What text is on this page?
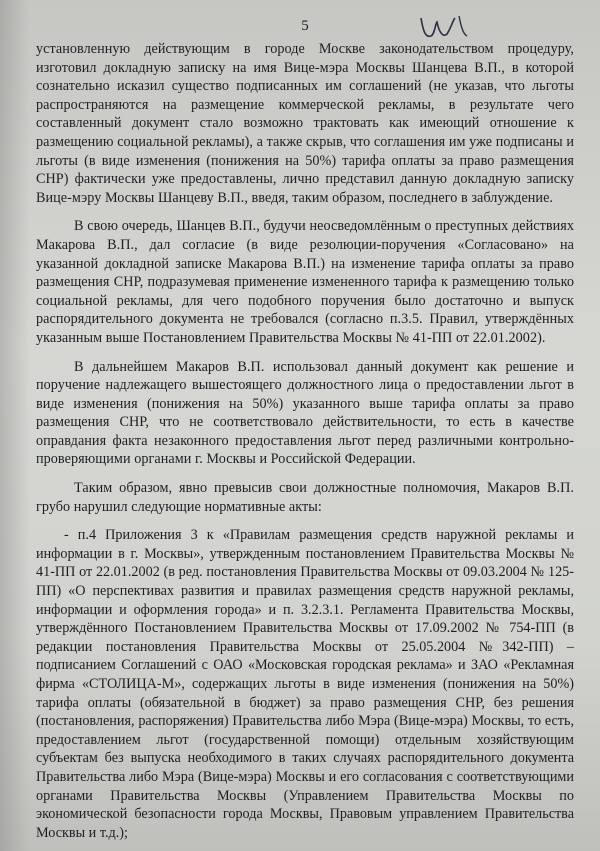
5

установленную действующим в городе Москве законодательством процедуру, изготовил докладную записку на имя Вице-мэра Москвы Шанцева В.П., в которой сознательно исказил существо подписанных им соглашений (не указав, что льготы распространяются на размещение коммерческой рекламы, в результате чего составленный документ стало возможно трактовать как имеющий отношение к размещению социальной рекламы), а также скрыв, что соглашения им уже подписаны и льготы (в виде изменения (понижения на 50%) тарифа оплаты за право размещения СНР) фактически уже предоставлены, лично представил данную докладную записку Вице-мэру Москвы Шанцеву В.П., введя, таким образом, последнего в заблуждение.

В свою очередь, Шанцев В.П., будучи неосведомлённым о преступных действиях Макарова В.П., дал согласие (в виде резолюции-поручения «Согласовано» на указанной докладной записке Макарова В.П.) на изменение тарифа оплаты за право размещения СНР, подразумевая применение измененного тарифа к размещению только социальной рекламы, для чего подобного поручения было достаточно и выпуск распорядительного документа не требовался (согласно п.3.5. Правил, утверждённых указанным выше Постановлением Правительства Москвы № 41-ПП от 22.01.2002).

В дальнейшем Макаров В.П. использовал данный документ как решение и поручение надлежащего вышестоящего должностного лица о предоставлении льгот в виде изменения (понижения на 50%) указанного выше тарифа оплаты за право размещения СНР, что не соответствовало действительности, то есть в качестве оправдания факта незаконного предоставления льгот перед различными контрольно-проверяющими органами г. Москвы и Российской Федерации.

Таким образом, явно превысив свои должностные полномочия, Макаров В.П. грубо нарушил следующие нормативные акты:

- п.4 Приложения 3 к «Правилам размещения средств наружной рекламы и информации в г. Москвы», утвержденным постановлением Правительства Москвы № 41-ПП от 22.01.2002 (в ред. постановления Правительства Москвы от 09.03.2004 № 125-ПП) «О перспективах развития и правилах размещения средств наружной рекламы, информации и оформления города» и п. 3.2.3.1. Регламента Правительства Москвы, утверждённого Постановлением Правительства Москвы от 17.09.2002 № 754-ПП (в редакции постановления Правительства Москвы от 25.05.2004 №342-ПП) – подписанием Соглашений с ОАО «Московская городская реклама» и ЗАО «Рекламная фирма «СТОЛИЦА-М», содержащих льготы в виде изменения (понижения на 50%) тарифа оплаты (обязательной в бюджет) за право размещения СНР, без решения (постановления, распоряжения) Правительства либо Мэра (Вице-мэра) Москвы, то есть, предоставлением льгот (государственной помощи) отдельным хозяйствующим субъектам без выпуска необходимого в таких случаях распорядительного документа Правительства либо Мэра (Вице-мэра) Москвы и его согласования с соответствующими органами Правительства Москвы (Управлением Правительства Москвы по экономической безопасности города Москвы, Правовым управлением Правительства Москвы и т.д.);
